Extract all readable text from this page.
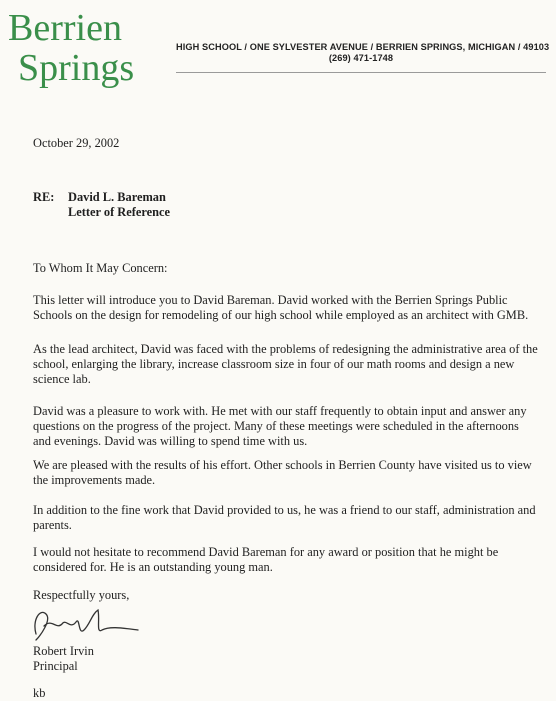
Berrien
Springs	HIGH SCHOOL / ONE SYLVESTER AVENUE / BERRIEN SPRINGS, MICHIGAN / 49103
(269) 471-1748
October 29, 2002
RE: David L. Bareman
Letter of Reference
To Whom It May Concern:
This letter will introduce you to David Bareman. David worked with the Berrien Springs Public Schools on the design for remodeling of our high school while employed as an architect with GMB.
As the lead architect, David was faced with the problems of redesigning the administrative area of the school, enlarging the library, increase classroom size in four of our math rooms and design a new science lab.
David was a pleasure to work with. He met with our staff frequently to obtain input and answer any questions on the progress of the project. Many of these meetings were scheduled in the afternoons and evenings. David was willing to spend time with us.
We are pleased with the results of his effort. Other schools in Berrien County have visited us to view the improvements made.
In addition to the fine work that David provided to us, he was a friend to our staff, administration and parents.
I would not hesitate to recommend David Bareman for any award or position that he might be considered for. He is an outstanding young man.
Respectfully yours,
Robert Irvin
Principal
kb
